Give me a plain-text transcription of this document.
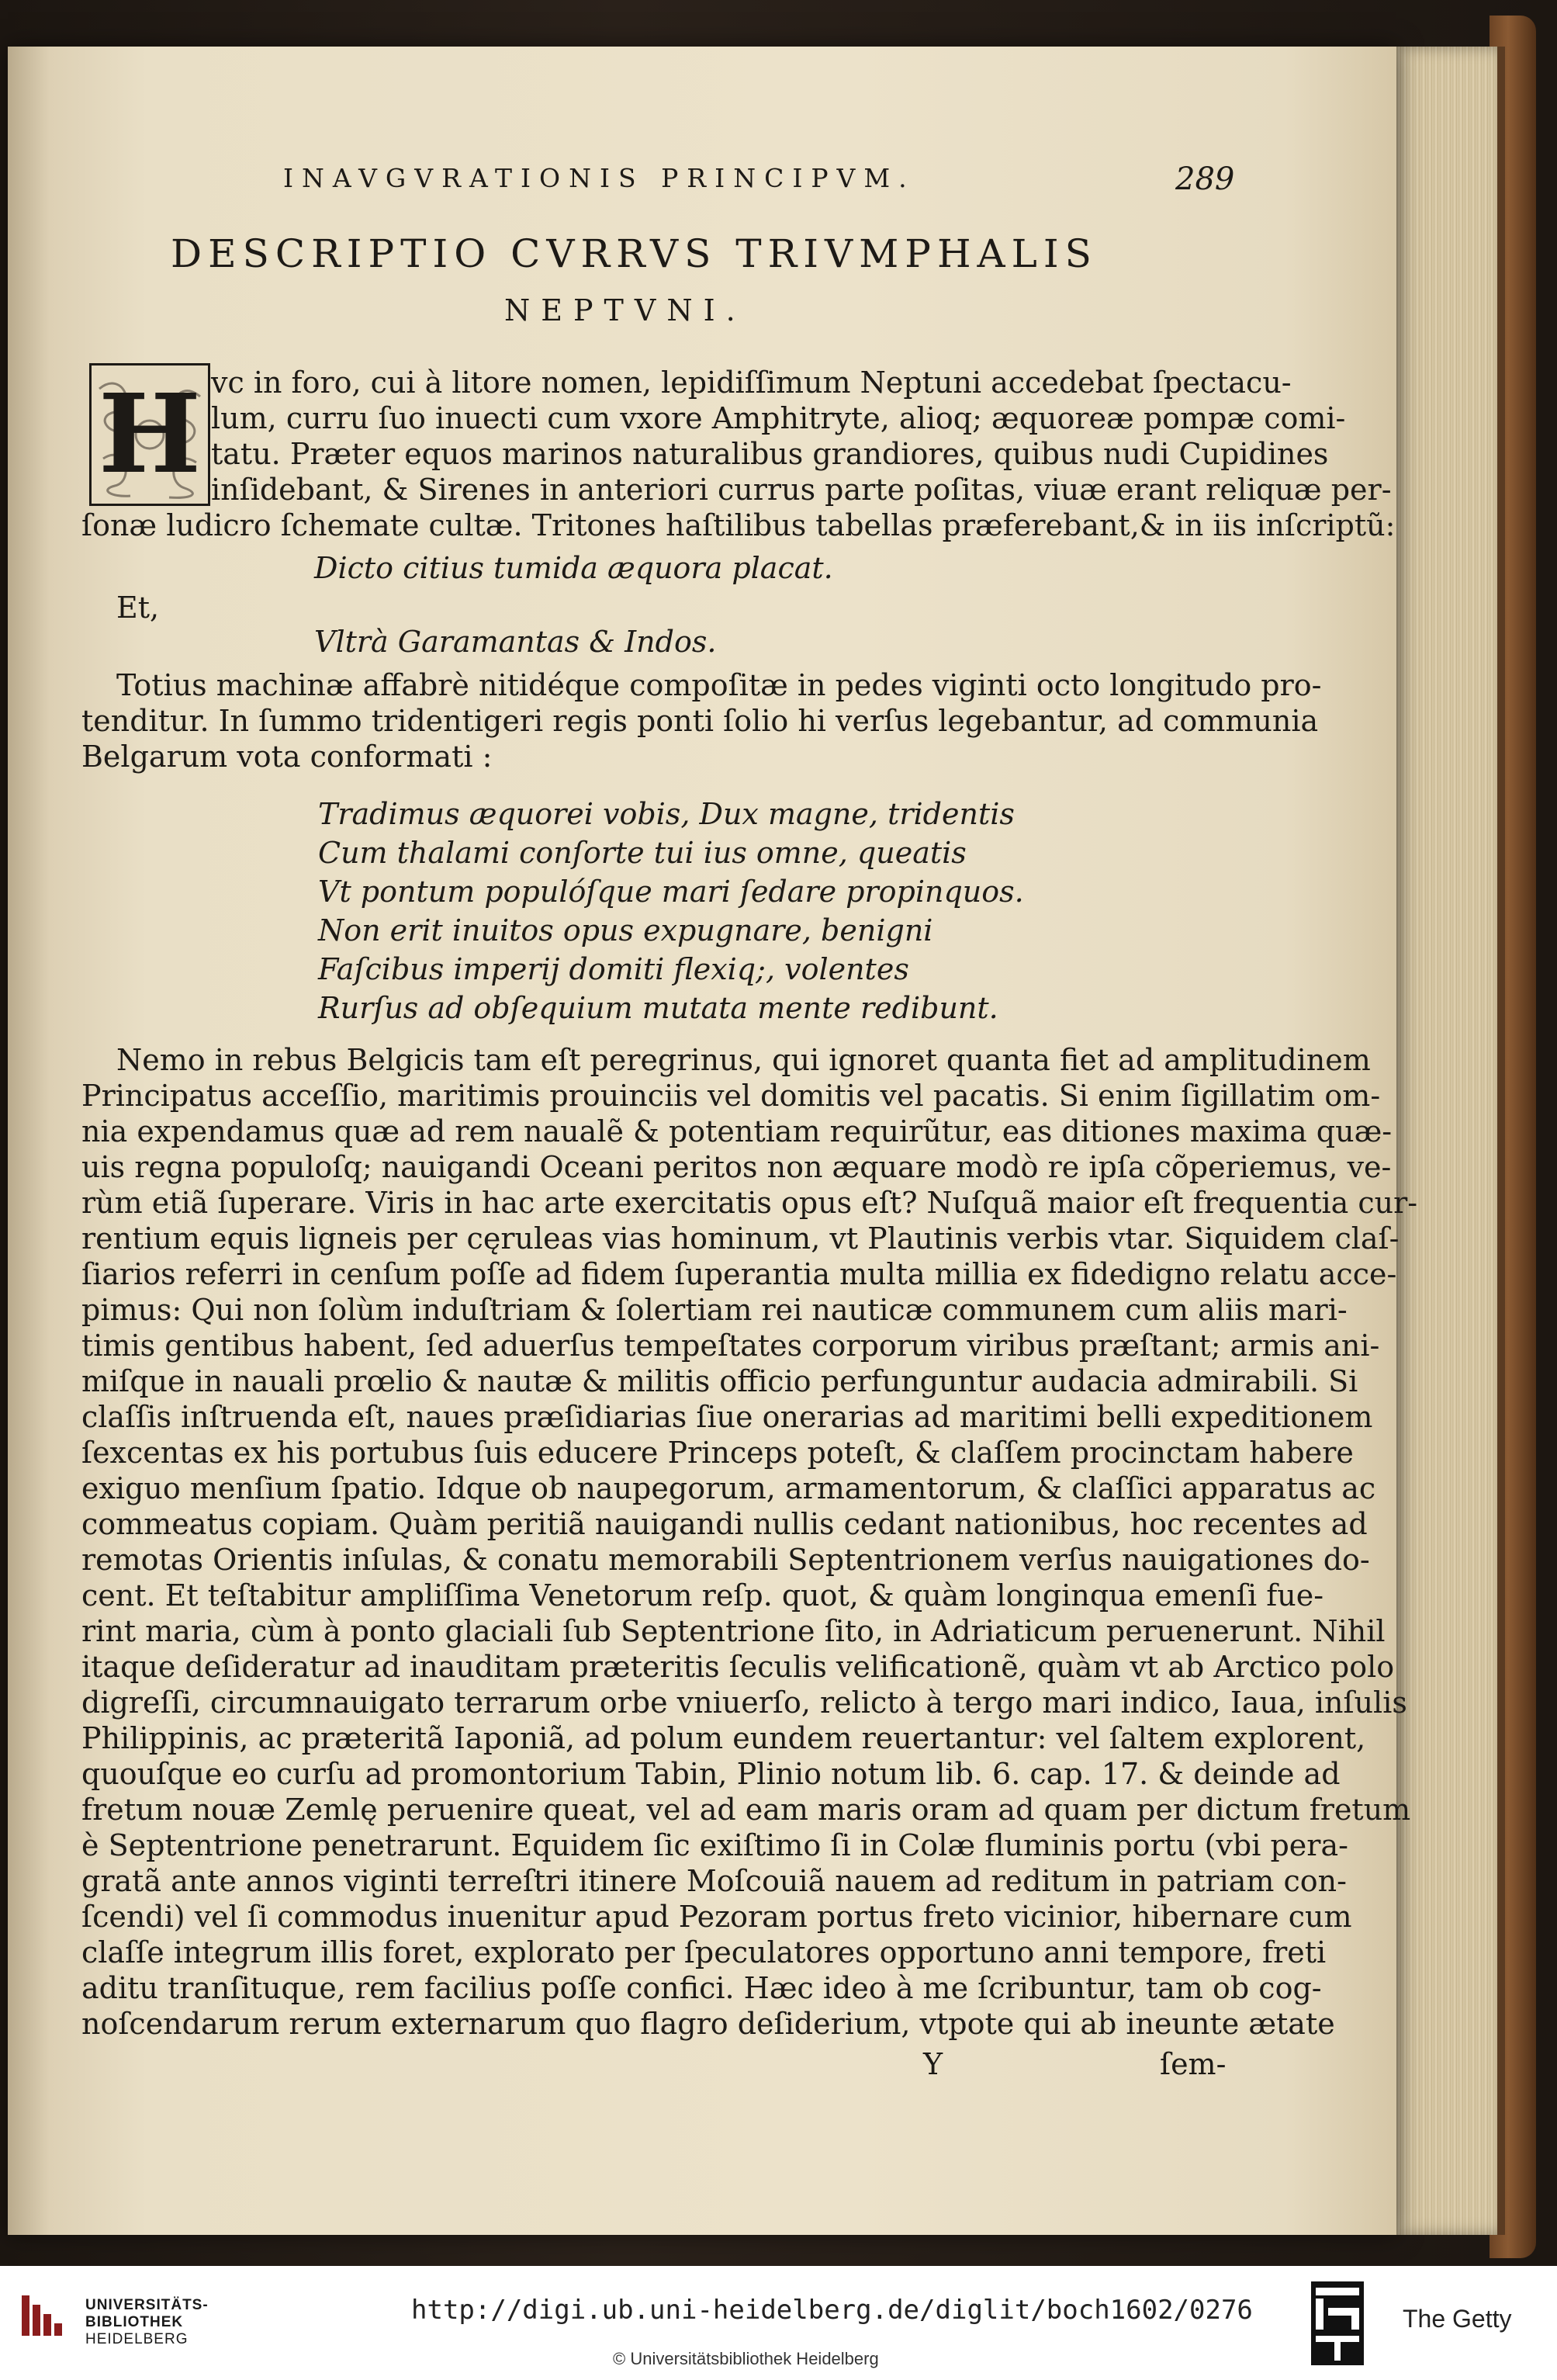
INAVGVRATIONIS PRINCIPVM.	289
DESCRIPTIO CVRRVS TRIVMPHALIS
NEPTVNI.
H vc in foro, cui à litore nomen, lepidiſſimum Neptuni accedebat ſpectacu-
lum, curru ſuo inuecti cum vxore Amphitryte, alioq; æquoreæ pompæ comi-
tatu. Præter equos marinos naturalibus grandiores, quibus nudi Cupidines
inſidebant, & Sirenes in anteriori currus parte poſitas, viuæ erant reliquæ per-
ſonæ ludicro ſchemate cultæ. Tritones haſtilibus tabellas præferebant,& in iis inſcriptũ:
Dicto citius tumida æquora placat.
Et,
Vltrà Garamantas & Indos.
Totius machinæ affabrè nitidéque compoſitæ in pedes viginti octo longitudo pro-
tenditur. In ſummo tridentigeri regis ponti ſolio hi verſus legebantur, ad communia
Belgarum vota conformati :
Tradimus æquorei vobis, Dux magne, tridentis
Cum thalami conſorte tui ius omne, queatis
Vt pontum populóſque mari ſedare propinquos.
Non erit inuitos opus expugnare, benigni
Faſcibus imperij domiti flexiq;, volentes
Rurſus ad obſequium mutata mente redibunt.
Nemo in rebus Belgicis tam eſt peregrinus, qui ignoret quanta fiet ad amplitudinem
Principatus acceſſio, maritimis prouinciis vel domitis vel pacatis. Si enim ſigillatim om-
nia expendamus quæ ad rem naualẽ & potentiam requirũtur, eas ditiones maxima quæ-
uis regna populoſq; nauigandi Oceani peritos non æquare modò re ipſa cõperiemus, ve-
rùm etiã ſuperare. Viris in hac arte exercitatis opus eſt? Nuſquã maior eſt frequentia cur-
rentium equis ligneis per cęruleas vias hominum, vt Plautinis verbis vtar. Siquidem claſ-
ſiarios referri in cenſum poſſe ad fidem ſuperantia multa millia ex fidedigno relatu acce-
pimus: Qui non ſolùm induſtriam & ſolertiam rei nauticæ communem cum aliis mari-
timis gentibus habent, ſed aduerſus tempeſtates corporum viribus præſtant; armis ani-
miſque in nauali prœlio & nautæ & militis officio perfunguntur audacia admirabili. Si
claſſis inſtruenda eſt, naues præſidiarias ſiue onerarias ad maritimi belli expeditionem
ſexcentas ex his portubus ſuis educere Princeps poteſt, & claſſem procinctam habere
exiguo menſium ſpatio. Idque ob naupegorum, armamentorum, & claſſici apparatus ac
commeatus copiam. Quàm peritiã nauigandi nullis cedant nationibus, hoc recentes ad
remotas Orientis inſulas, & conatu memorabili Septentrionem verſus nauigationes do-
cent. Et teſtabitur ampliſſima Venetorum reſp. quot, & quàm longinqua emenſi fue-
rint maria, cùm à ponto glaciali ſub Septentrione ſito, in Adriaticum peruenerunt. Nihil
itaque deſideratur ad inauditam præteritis ſeculis velificationẽ, quàm vt ab Arctico polo
digreſſi, circumnauigato terrarum orbe vniuerſo, relicto à tergo mari indico, Iaua, inſulis
Philippinis, ac præteritã Iaponiã, ad polum eundem reuertantur: vel ſaltem explorent,
quouſque eo curſu ad promontorium Tabin, Plinio notum lib. 6. cap. 17. & deinde ad
fretum nouæ Zemlę peruenire queat, vel ad eam maris oram ad quam per dictum fretum
è Septentrione penetrarunt. Equidem ſic exiſtimo ſi in Colæ fluminis portu (vbi pera-
gratã ante annos viginti terreſtri itinere Moſcouiã nauem ad reditum in patriam con-
ſcendi) vel ſi commodus inuenitur apud Pezoram portus freto vicinior, hibernare cum
claſſe integrum illis foret, explorato per ſpeculatores opportuno anni tempore, freti
aditu tranſituque, rem facilius poſſe confici. Hæc ideo à me ſcribuntur, tam ob cog-
noſcendarum rerum externarum quo flagro deſiderium, vtpote qui ab ineunte ætate
Y	ſem-
UNIVERSITÄTS-
BIBLIOTHEK
HEIDELBERG
http://digi.ub.uni-heidelberg.de/diglit/boch1602/0276
© Universitätsbibliothek Heidelberg
The Getty
